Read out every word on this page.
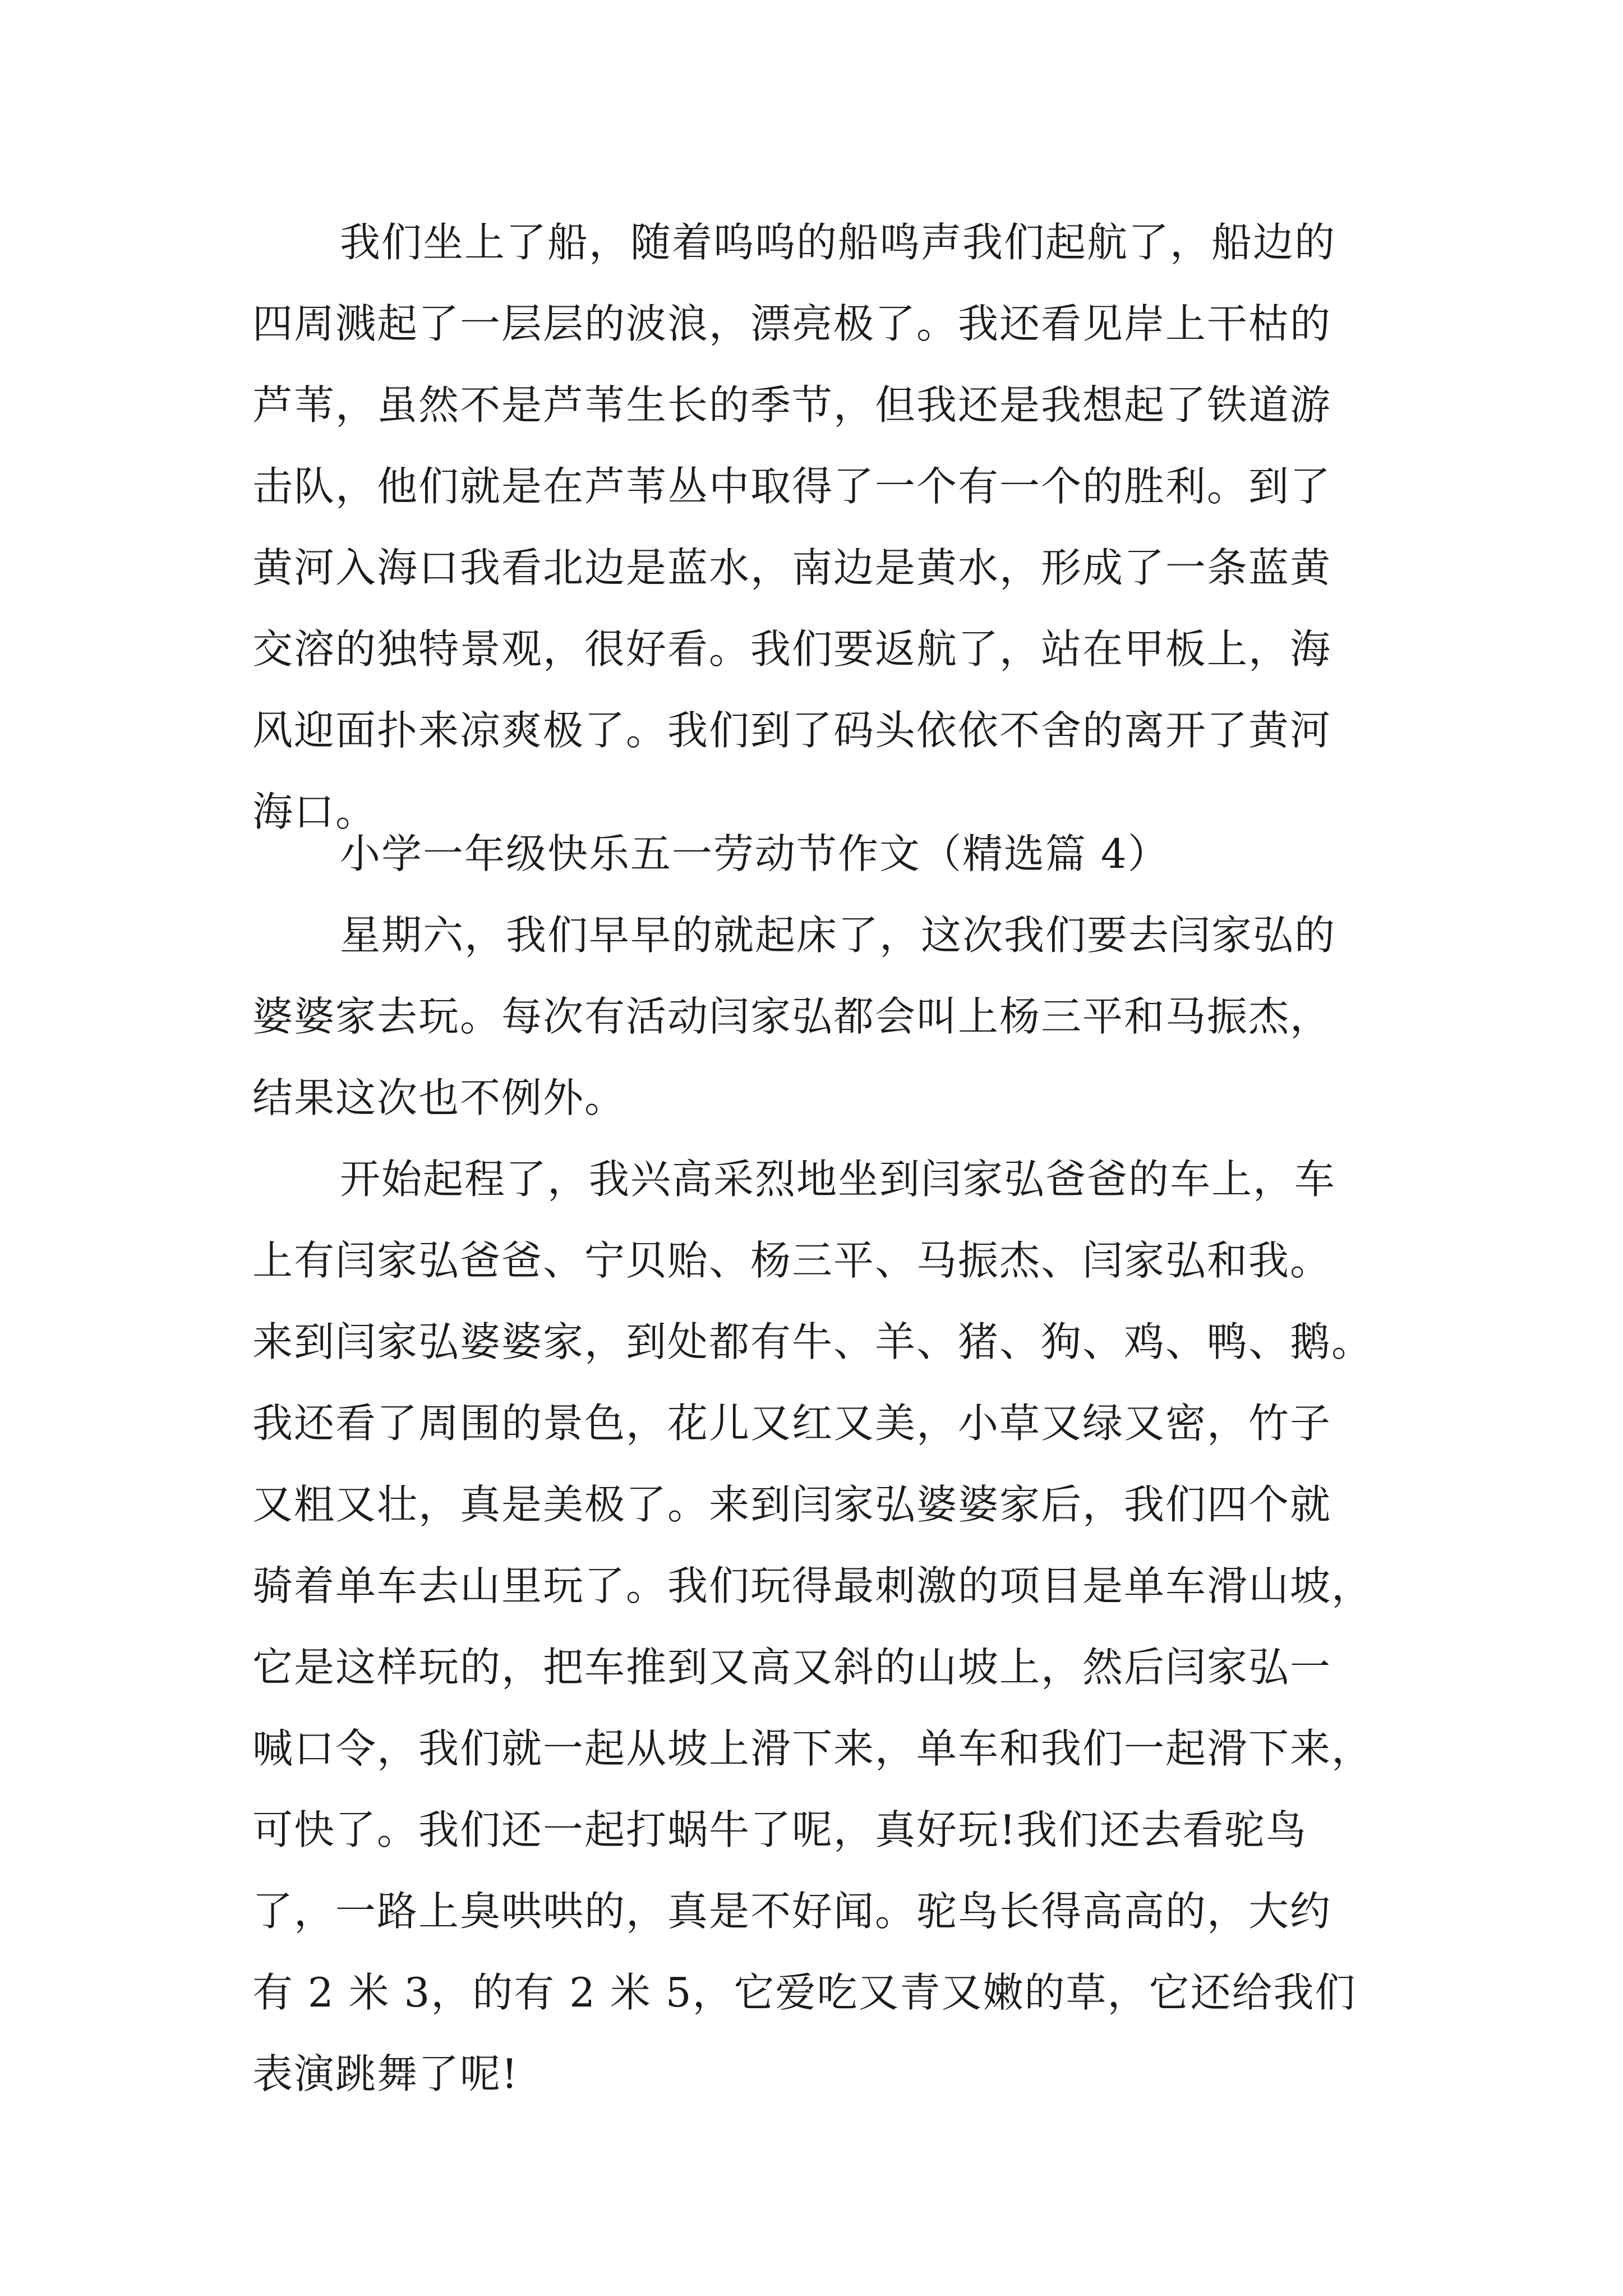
我们坐上了船，随着呜呜的船鸣声我们起航了，船边的
四周溅起了一层层的波浪，漂亮极了。我还看见岸上干枯的
芦苇，虽然不是芦苇生长的季节，但我还是我想起了铁道游
击队，他们就是在芦苇丛中取得了一个有一个的胜利。到了
黄河入海口我看北边是蓝水，南边是黄水，形成了一条蓝黄
交溶的独特景观，很好看。我们要返航了，站在甲板上，海
风迎面扑来凉爽极了。我们到了码头依依不舍的离开了黄河
海口。
小学一年级快乐五一劳动节作文（精选篇 4）
星期六，我们早早的就起床了，这次我们要去闫家弘的
婆婆家去玩。每次有活动闫家弘都会叫上杨三平和马振杰，
结果这次也不例外。
开始起程了，我兴高采烈地坐到闫家弘爸爸的车上，车
上有闫家弘爸爸、宁贝贻、杨三平、马振杰、闫家弘和我。
来到闫家弘婆婆家，到处都有牛、羊、猪、狗、鸡、鸭、鹅。
我还看了周围的景色，花儿又红又美，小草又绿又密，竹子
又粗又壮，真是美极了。来到闫家弘婆婆家后，我们四个就
骑着单车去山里玩了。我们玩得最刺激的项目是单车滑山坡，
它是这样玩的，把车推到又高又斜的山坡上，然后闫家弘一
喊口令，我们就一起从坡上滑下来，单车和我们一起滑下来，
可快了。我们还一起打蜗牛了呢，真好玩!我们还去看驼鸟
了，一路上臭哄哄的，真是不好闻。驼鸟长得高高的，大约
有 2 米 3，的有 2 米 5，它爱吃又青又嫩的草，它还给我们
表演跳舞了呢!
